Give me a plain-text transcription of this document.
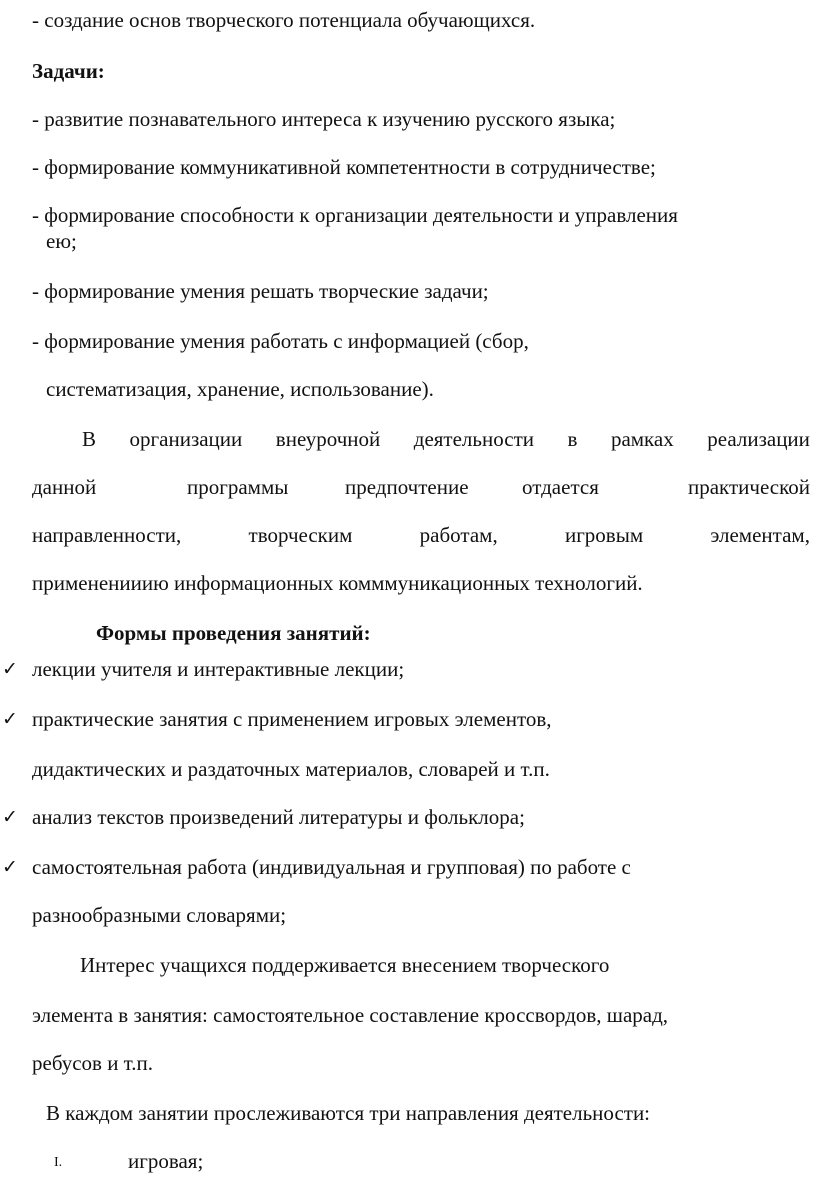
- создание основ творческого потенциала обучающихся.
Задачи:
- развитие познавательного интереса к изучению русского языка;
- формирование коммуникативной компетентности в сотрудничестве;
- формирование способности к организации деятельности и управления
ею;
- формирование умения решать творческие задачи;
- формирование умения работать с информацией (сбор,
систематизация, хранение, использование).
В организации внеурочной деятельности в рамках реализации
данной	программы	предпочтение	отдается	практической
направленности,	творческим	работам,	игровым	элементам,
примененииию информационных комммуникационных технологий.
Формы проведения занятий:
✓ лекции учителя и интерактивные лекции;
✓ практические занятия с применением игровых элементов,
дидактических и раздаточных материалов, словарей и т.п.
✓ анализ текстов произведений литературы и фольклора;
✓ самостоятельная работа (индивидуальная и групповая) по работе с
разнообразными словарями;
Интерес учащихся поддерживается внесением творческого
элемента в занятия: самостоятельное составление кроссвордов, шарад,
ребусов и т.п.
В каждом занятии прослеживаются три направления деятельности:
I.	игровая;
